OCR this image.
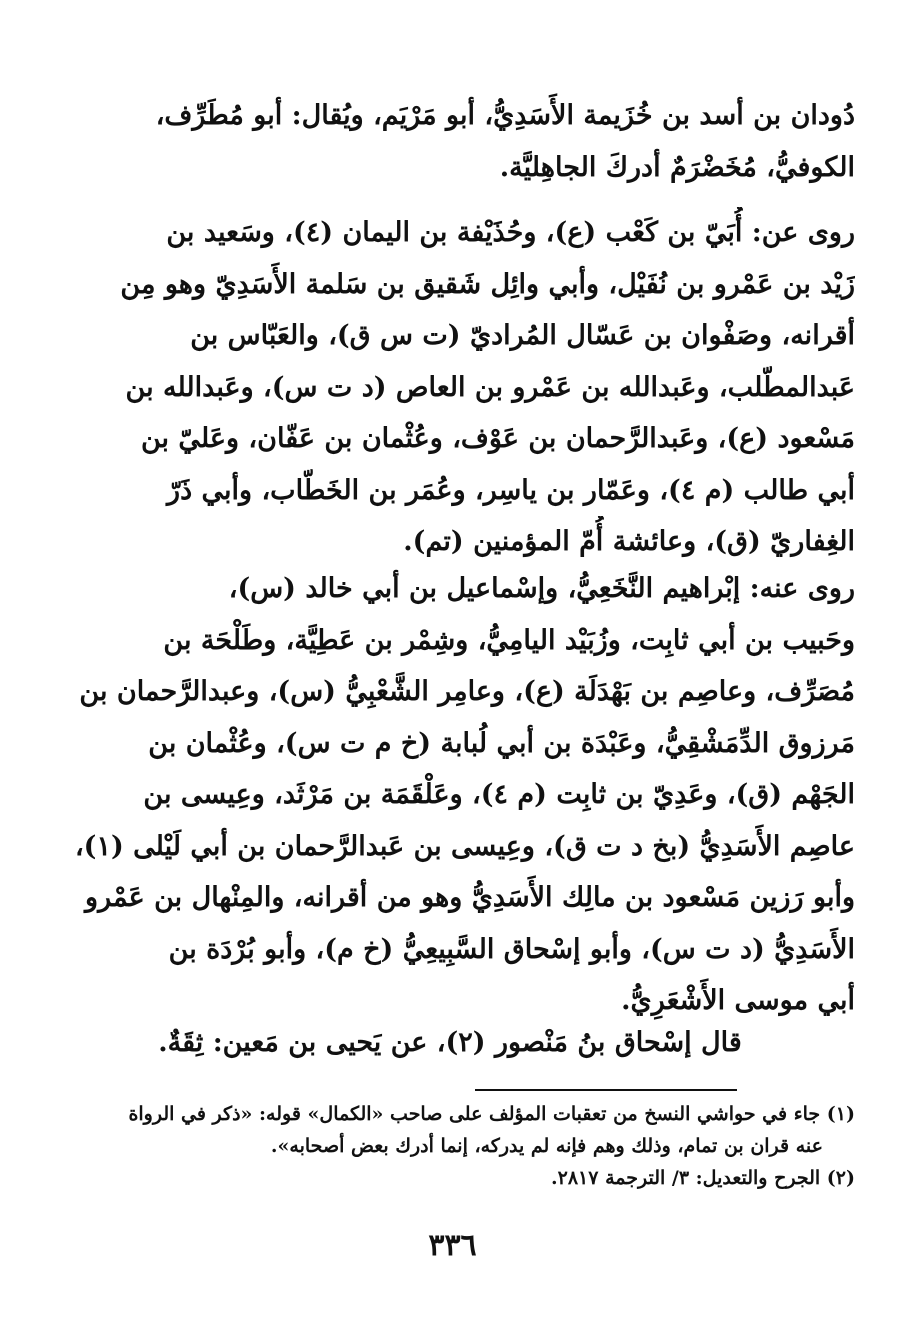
دُودان بن أسد بن خُزَيمة الأَسَدِيُّ، أبو مَرْيَم، ويُقال: أبو مُطَرِّف،
الكوفيُّ، مُخَضْرَمٌ أدركَ الجاهِليَّة.
روى عن: أُبَيّ بن كَعْب (ع)، وحُذَيْفة بن اليمان (٤)، وسَعيد بن
زَيْد بن عَمْرو بن نُفَيْل، وأبي وائِل شَقيق بن سَلمة الأَسَدِيّ وهو مِن
أقرانه، وصَفْوان بن عَسّال المُراديّ (ت س ق)، والعَبّاس بن
عَبدالمطّلب، وعَبدالله بن عَمْرو بن العاص (د ت س)، وعَبدالله بن
مَسْعود (ع)، وعَبدالرَّحمان بن عَوْف، وعُثْمان بن عَفّان، وعَليّ بن
أبي طالب (م ٤)، وعَمّار بن ياسِر، وعُمَر بن الخَطّاب، وأبي ذَرّ
الغِفاريّ (ق)، وعائشة أُمّ المؤمنين (تم).
روى عنه: إبْراهيم النَّخَعِيُّ، وإسْماعيل بن أبي خالد (س)،
وحَبيب بن أبي ثابِت، وزُبَيْد اليامِيُّ، وشِمْر بن عَطِيَّة، وطَلْحَة بن
مُصَرِّف، وعاصِم بن بَهْدَلَة (ع)، وعامِر الشَّعْبِيُّ (س)، وعبدالرَّحمان بن
مَرزوق الدِّمَشْقِيُّ، وعَبْدَة بن أبي لُبابة (خ م ت س)، وعُثْمان بن
الجَهْم (ق)، وعَدِيّ بن ثابِت (م ٤)، وعَلْقَمَة بن مَرْثَد، وعِيسى بن
عاصِم الأَسَدِيُّ (بخ د ت ق)، وعِيسى بن عَبدالرَّحمان بن أبي لَيْلى (١)،
وأبو رَزين مَسْعود بن مالِك الأَسَدِيُّ وهو من أقرانه، والمِنْهال بن عَمْرو
الأَسَدِيُّ (د ت س)، وأبو إسْحاق السَّبِيعِيُّ (خ م)، وأبو بُرْدَة بن
أبي موسى الأَشْعَرِيُّ.
قال إسْحاق بنُ مَنْصور (٢)، عن يَحيى بن مَعين: ثِقَةٌ.
(١) جاء في حواشي النسخ من تعقبات المؤلف على صاحب «الكمال» قوله: «ذكر في الرواة
عنه قران بن تمام، وذلك وهم فإنه لم يدركه، إنما أدرك بعض أصحابه».
(٢) الجرح والتعديل: ٣/ الترجمة ٢٨١٧.
٣٣٦
